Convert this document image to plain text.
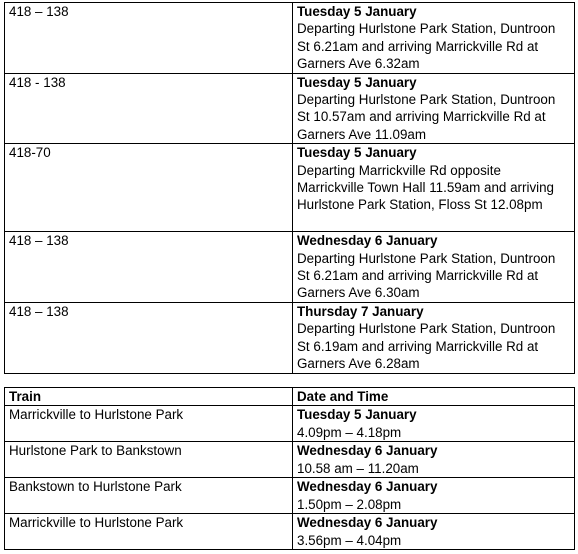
418 – 138	Tuesday 5 January
Departing Hurlstone Park Station, Duntroon St 6.21am and arriving Marrickville Rd at Garners Ave 6.32am

418 - 138	Tuesday 5 January
Departing Hurlstone Park Station, Duntroon St 10.57am and arriving Marrickville Rd at Garners Ave 11.09am

418-70	Tuesday 5 January
Departing Marrickville Rd opposite Marrickville Town Hall 11.59am and arriving Hurlstone Park Station, Floss St 12.08pm

418 – 138	Wednesday 6 January
Departing Hurlstone Park Station, Duntroon St 6.21am and arriving Marrickville Rd at Garners Ave 6.30am

418 – 138	Thursday 7 January
Departing Hurlstone Park Station, Duntroon St 6.19am and arriving Marrickville Rd at Garners Ave 6.28am
Train	Date and Time
Marrickville to Hurlstone Park	Tuesday 5 January
4.09pm – 4.18pm

Hurlstone Park to Bankstown	Wednesday 6 January
10.58 am – 11.20am

Bankstown to Hurlstone Park	Wednesday 6 January
1.50pm – 2.08pm

Marrickville to Hurlstone Park	Wednesday 6 January
3.56pm – 4.04pm
